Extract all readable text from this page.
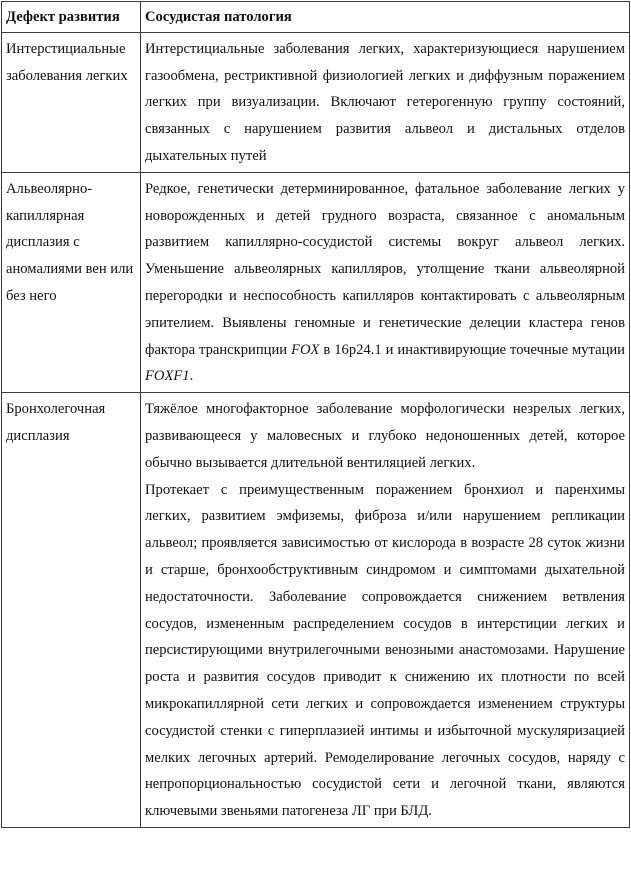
Дефект развития	Сосудистая патология
Интерстициальные заболевания легких	Интерстициальные заболевания легких, характеризующиеся нарушением газообмена, рестриктивной физиологией легких и диффузным поражением легких при визуализации. Включают гетерогенную группу состояний, связанных с нарушением развития альвеол и дистальных отделов дыхательных путей

Альвеолярно-капиллярная дисплазия с аномалиями вен или без него	Редкое, генетически детерминированное, фатальное заболевание легких у новорожденных и детей грудного возраста, связанное с аномальным развитием капиллярно-сосудистой системы вокруг альвеол легких. Уменьшение альвеолярных капилляров, утолщение ткани альвеолярной перегородки и неспособность капилляров контактировать с альвеолярным эпителием. Выявлены геномные и генетические делеции кластера генов фактора транскрипции FOX в 16p24.1 и инактивирующие точечные мутации FOXF1.

Бронхолегочная дисплазия	Тяжёлое многофакторное заболевание морфологически незрелых легких, развивающееся у маловесных и глубоко недоношенных детей, которое обычно вызывается длительной вентиляцией легких.

Протекает с преимущественным поражением бронхиол и паренхимы легких, развитием эмфиземы, фиброза и/или нарушением репликации альвеол; проявляется зависимостью от кислорода в возрасте 28 суток жизни и старше, бронхообструктивным синдромом и симптомами дыхательной недостаточности. Заболевание сопровождается снижением ветвления сосудов, измененным распределением сосудов в интерстиции легких и персистирующими внутрилегочными венозными анастомозами. Нарушение роста и развития сосудов приводит к снижению их плотности по всей микрокапиллярной сети легких и сопровождается изменением структуры сосудистой стенки с гиперплазией интимы и избыточной мускуляризацией мелких легочных артерий. Ремоделирование легочных сосудов, наряду с непропорциональностью сосудистой сети и легочной ткани, являются ключевыми звеньями патогенеза ЛГ при БЛД.
